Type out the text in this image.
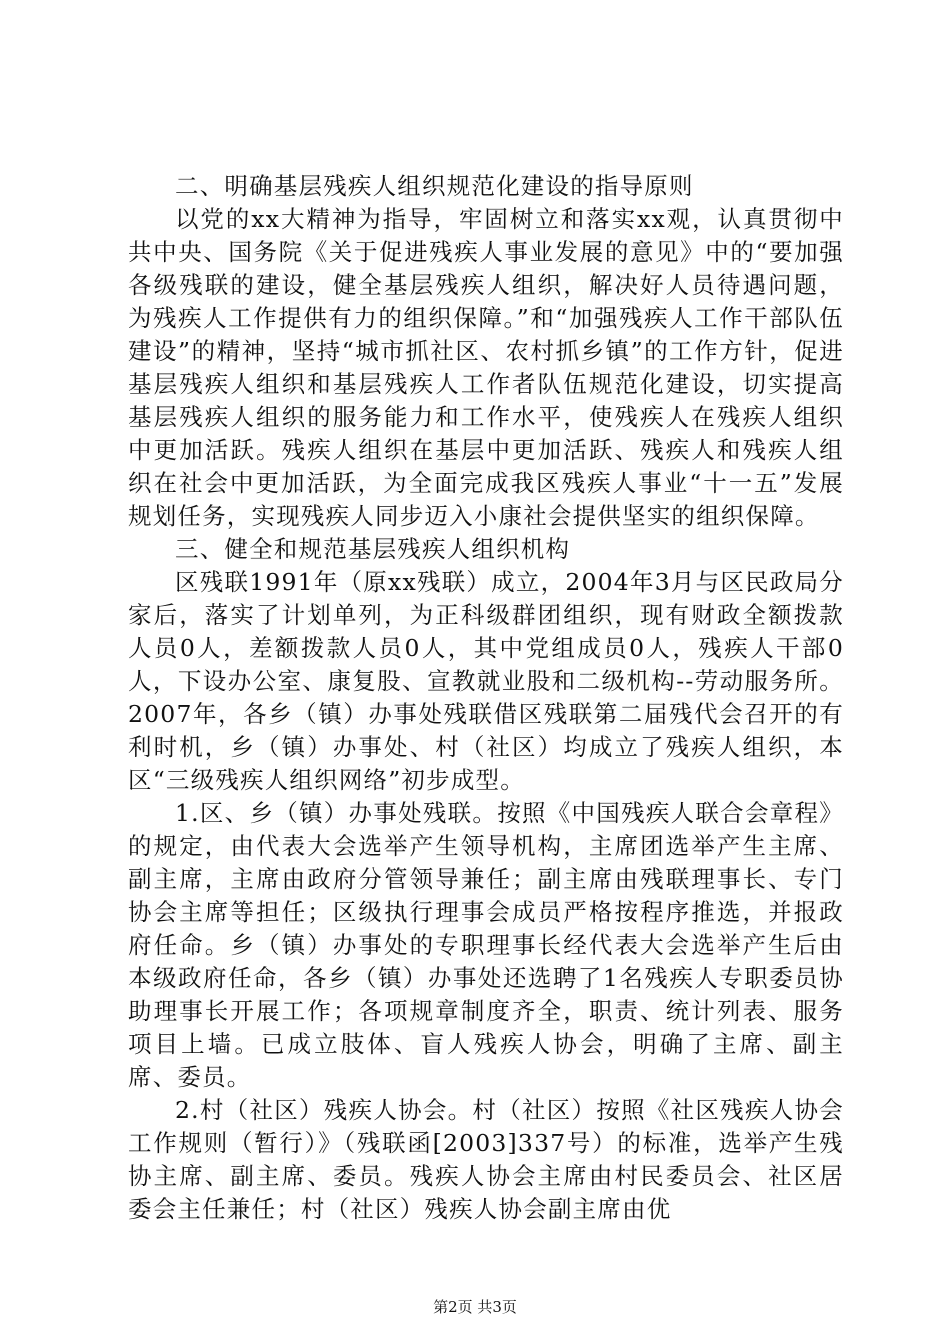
二、明确基层残疾人组织规范化建设的指导原则

以党的xx大精神为指导，牢固树立和落实xx观，认真贯彻中共中央、国务院《关于促进残疾人事业发展的意见》中的“要加强各级残联的建设，健全基层残疾人组织，解决好人员待遇问题，为残疾人工作提供有力的组织保障。”和“加强残疾人工作干部队伍建设”的精神，坚持“城市抓社区、农村抓乡镇”的工作方针，促进基层残疾人组织和基层残疾人工作者队伍规范化建设，切实提高基层残疾人组织的服务能力和工作水平，使残疾人在残疾人组织中更加活跃。残疾人组织在基层中更加活跃、残疾人和残疾人组织在社会中更加活跃，为全面完成我区残疾人事业“十一五”发展规划任务，实现残疾人同步迈入小康社会提供坚实的组织保障。

三、健全和规范基层残疾人组织机构

区残联1991年（原xx残联）成立，2004年3月与区民政局分家后，落实了计划单列，为正科级群团组织，现有财政全额拨款人员0人，差额拨款人员0人，其中党组成员0人，残疾人干部0人，下设办公室、康复股、宣教就业股和二级机构--劳动服务所。2007年，各乡（镇）办事处残联借区残联第二届残代会召开的有利时机，乡（镇）办事处、村（社区）均成立了残疾人组织，本区“三级残疾人组织网络”初步成型。

1.区、乡（镇）办事处残联。按照《中国残疾人联合会章程》的规定，由代表大会选举产生领导机构，主席团选举产生主席、副主席，主席由政府分管领导兼任；副主席由残联理事长、专门协会主席等担任；区级执行理事会成员严格按程序推选，并报政府任命。乡（镇）办事处的专职理事长经代表大会选举产生后由本级政府任命，各乡（镇）办事处还选聘了1名残疾人专职委员协助理事长开展工作；各项规章制度齐全，职责、统计列表、服务项目上墙。已成立肢体、盲人残疾人协会，明确了主席、副主席、委员。

2.村（社区）残疾人协会。村（社区）按照《社区残疾人协会工作规则（暂行）》（残联函[2003]337号）的标准，选举产生残协主席、副主席、委员。残疾人协会主席由村民委员会、社区居委会主任兼任；村（社区）残疾人协会副主席由优

第2页 共3页
